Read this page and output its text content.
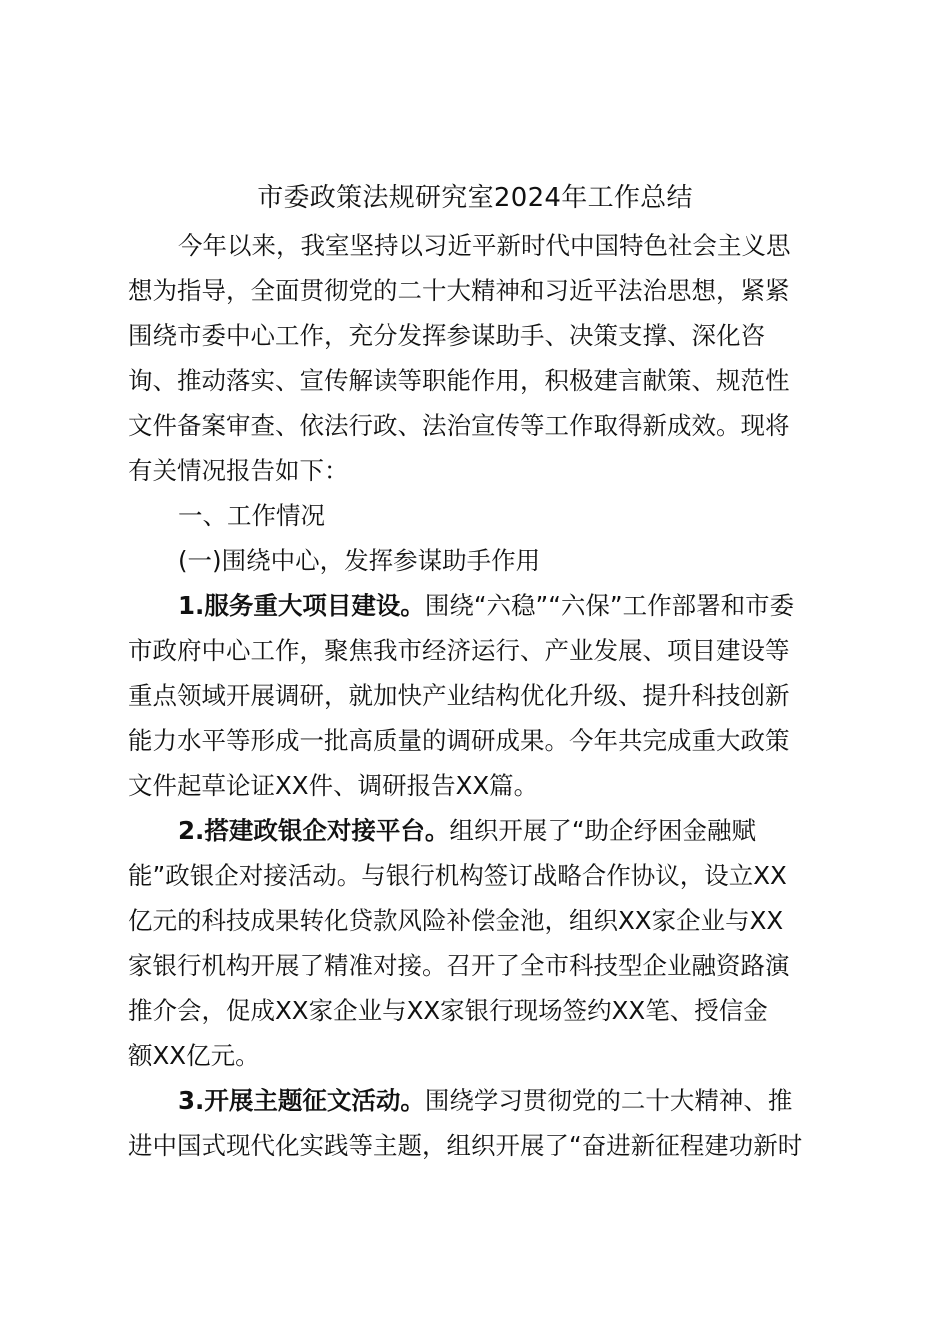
市委政策法规研究室2024年工作总结
今年以来，我室坚持以习近平新时代中国特色社会主义思
想为指导，全面贯彻党的二十大精神和习近平法治思想，紧紧
围绕市委中心工作，充分发挥参谋助手、决策支撑、深化咨
询、推动落实、宣传解读等职能作用，积极建言献策、规范性
文件备案审查、依法行政、法治宣传等工作取得新成效。现将
有关情况报告如下：
一、工作情况
(一)围绕中心，发挥参谋助手作用
1.服务重大项目建设。围绕“六稳”“六保”工作部署和市委
市政府中心工作，聚焦我市经济运行、产业发展、项目建设等
重点领域开展调研，就加快产业结构优化升级、提升科技创新
能力水平等形成一批高质量的调研成果。今年共完成重大政策
文件起草论证XX件、调研报告XX篇。
2.搭建政银企对接平台。组织开展了“助企纾困金融赋
能”政银企对接活动。与银行机构签订战略合作协议，设立XX
亿元的科技成果转化贷款风险补偿金池，组织XX家企业与XX
家银行机构开展了精准对接。召开了全市科技型企业融资路演
推介会，促成XX家企业与XX家银行现场签约XX笔、授信金
额XX亿元。
3.开展主题征文活动。围绕学习贯彻党的二十大精神、推
进中国式现代化实践等主题，组织开展了“奋进新征程建功新时
